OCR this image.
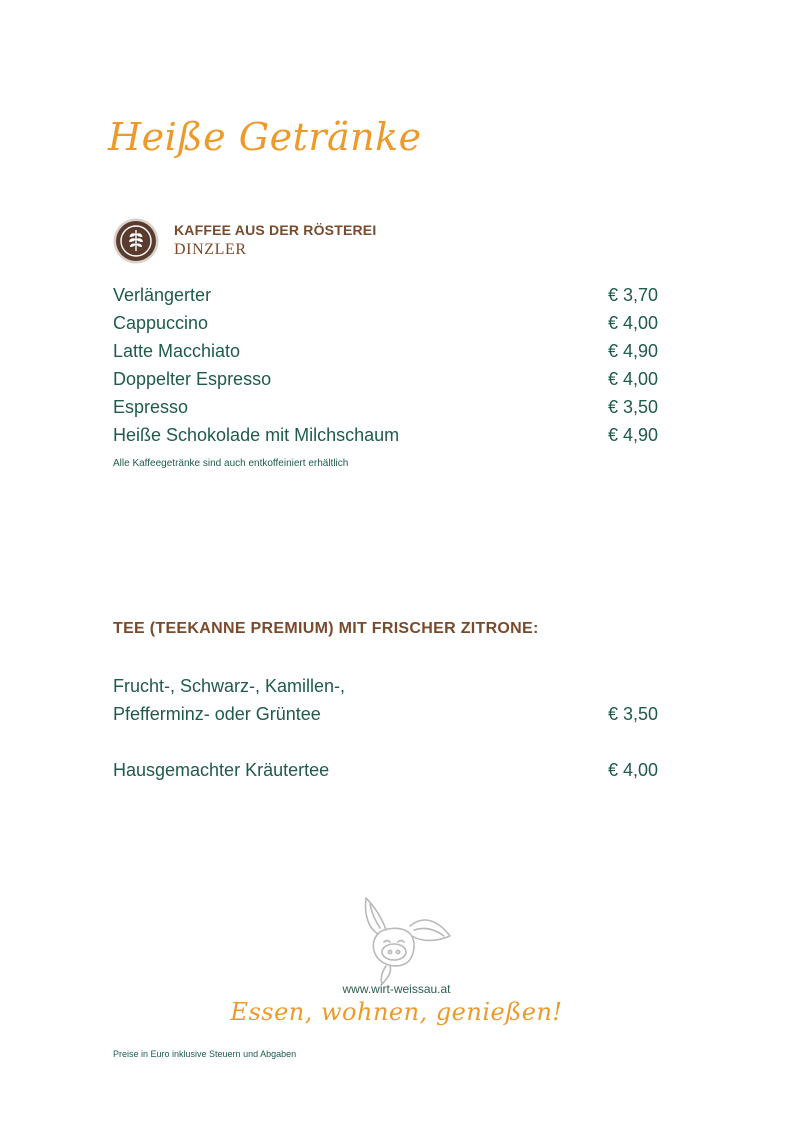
Heiße Getränke
KAFFEE AUS DER RÖSTEREI
DINZLER
Verlängerter	€ 3,70
Cappuccino	€ 4,00
Latte Macchiato	€ 4,90
Doppelter Espresso	€ 4,00
Espresso	€ 3,50
Heiße Schokolade mit Milchschaum	€ 4,90
Alle Kaffeegetränke sind auch entkoffeiniert erhältlich
TEE (TEEKANNE PREMIUM) MIT FRISCHER ZITRONE:
Frucht-, Schwarz-, Kamillen-,
Pfefferminz- oder Grüntee	€ 3,50
Hausgemachter Kräutertee	€ 4,00
www.wirt-weissau.at
Essen, wohnen, genießen!
Preise in Euro inklusive Steuern und Abgaben
